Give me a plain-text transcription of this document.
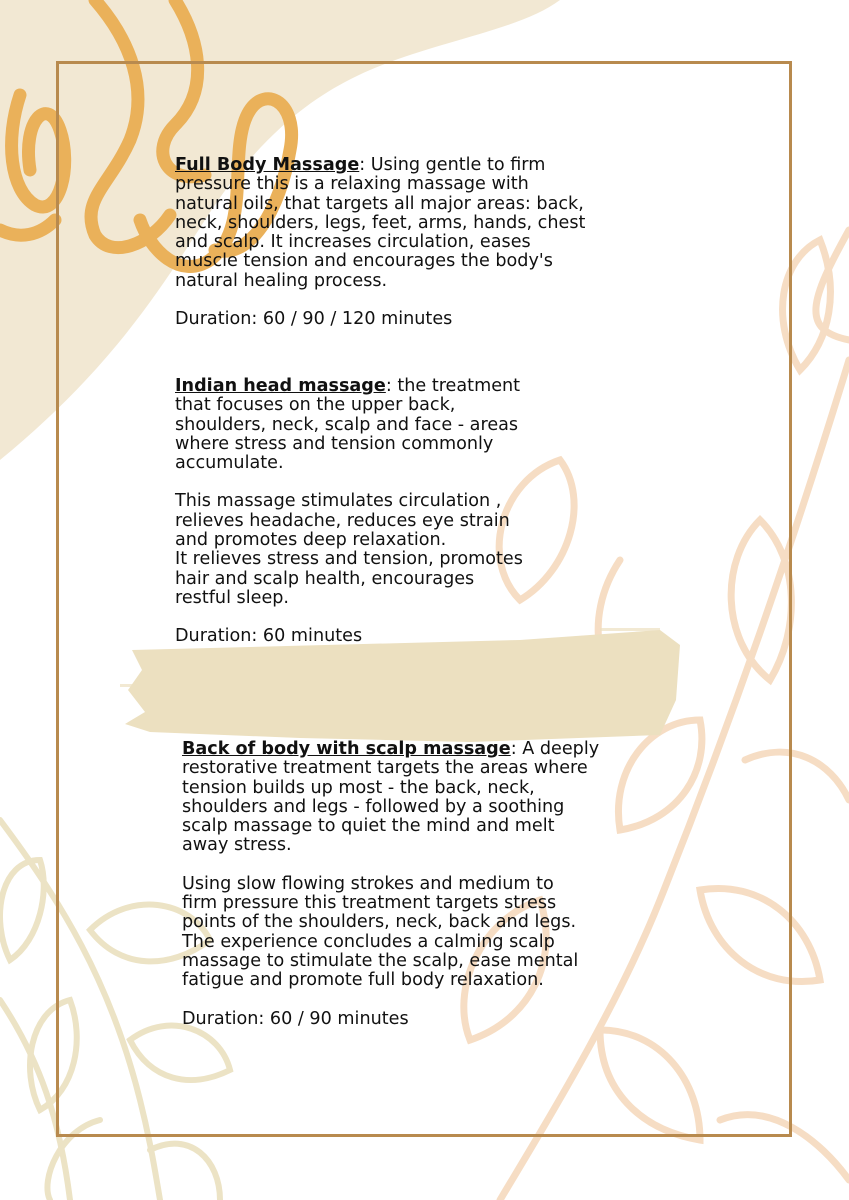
Full Body Massage: Using gentle to firm
pressure this is a relaxing massage with
natural oils, that targets all major areas: back,
neck, shoulders, legs, feet, arms, hands, chest
and scalp. It increases circulation, eases
muscle tension and encourages the body's
natural healing process.

Duration: 60 / 90 / 120 minutes

Indian head massage: the treatment
that focuses on the upper back,
shoulders, neck, scalp and face - areas
where stress and tension commonly
accumulate.

This massage stimulates circulation ,
relieves headache, reduces eye strain
and promotes deep relaxation.
It relieves stress and tension, promotes
hair and scalp health, encourages
restful sleep.

Duration: 60 minutes

Back of body with scalp massage: A deeply
restorative treatment targets the areas where
tension builds up most - the back, neck,
shoulders and legs - followed by a soothing
scalp massage to quiet the mind and melt
away stress.

Using slow flowing strokes and medium to
firm pressure this treatment targets stress
points of the shoulders, neck, back and legs.
The experience concludes a calming scalp
massage to stimulate the scalp, ease mental
fatigue and promote full body relaxation.

Duration: 60 / 90 minutes
